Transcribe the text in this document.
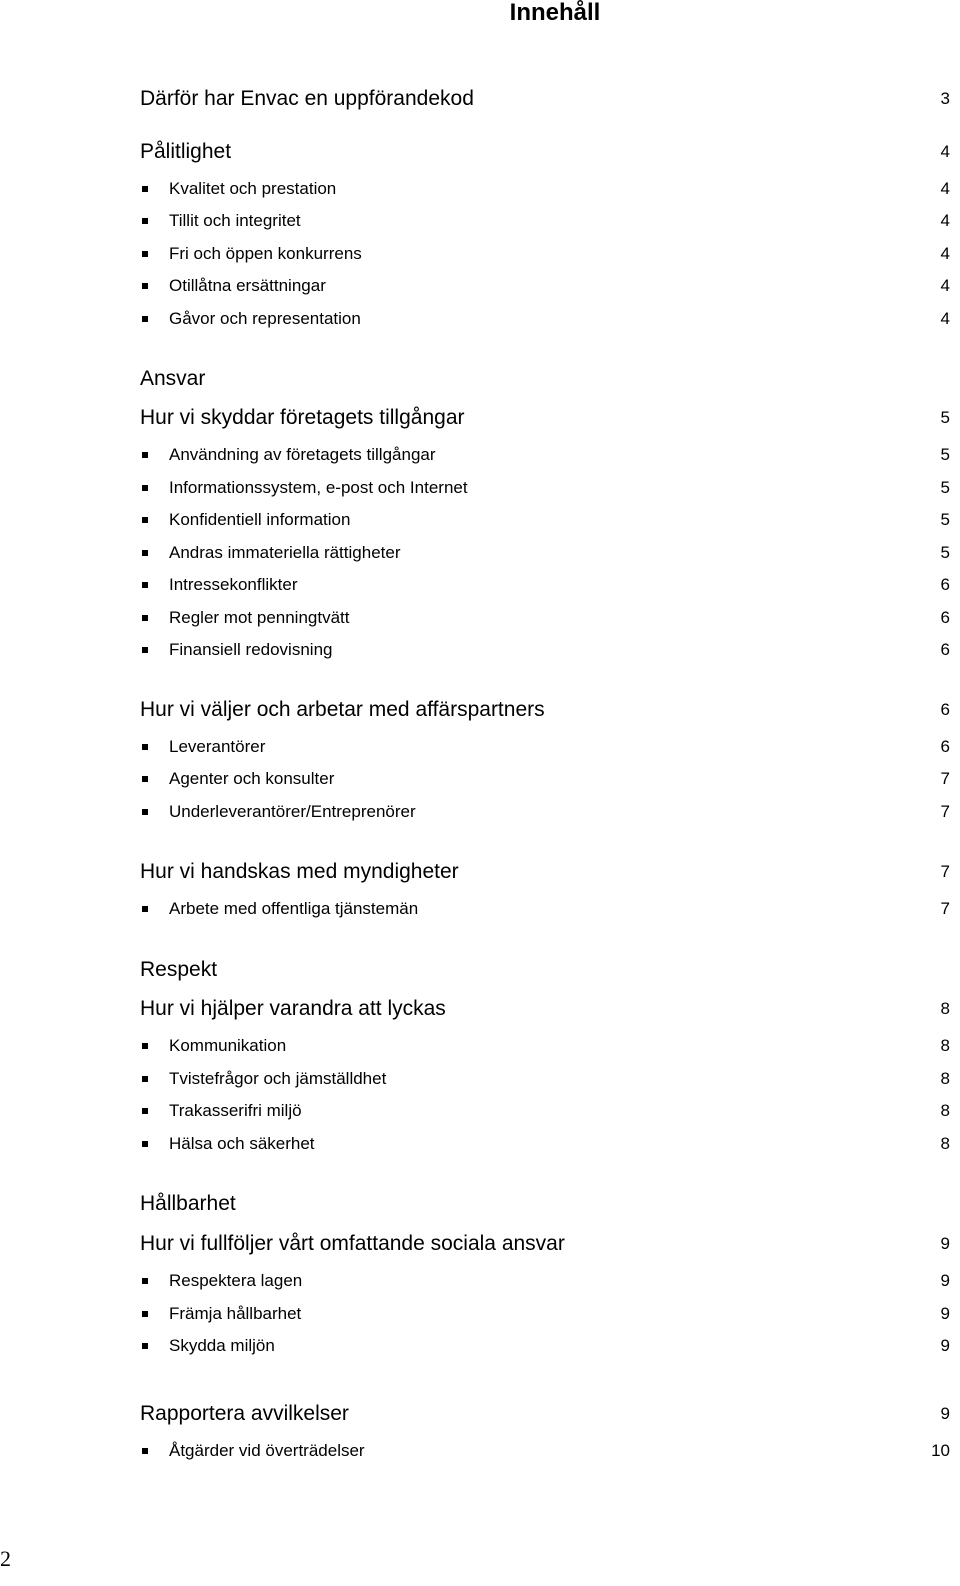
Innehåll
Därför har Envac en uppförandekod	3
Pålitlighet	4
Kvalitet och prestation	4
Tillit och integritet	4
Fri och öppen konkurrens	4
Otillåtna ersättningar	4
Gåvor och representation	4
Ansvar
Hur vi skyddar företagets tillgångar	5
Användning av företagets tillgångar	5
Informationssystem, e-post och Internet	5
Konfidentiell information	5
Andras immateriella rättigheter	5
Intressekonflikter	6
Regler mot penningtvätt	6
Finansiell redovisning	6
Hur vi väljer och arbetar med affärspartners	6
Leverantörer	6
Agenter och konsulter	7
Underleverantörer/Entreprenörer	7
Hur vi handskas med myndigheter	7
Arbete med offentliga tjänstemän	7
Respekt
Hur vi hjälper varandra att lyckas	8
Kommunikation	8
Tvistefrågor och jämställdhet	8
Trakasserifri miljö	8
Hälsa och säkerhet	8
Hållbarhet
Hur vi fullföljer vårt omfattande sociala ansvar	9
Respektera lagen	9
Främja hållbarhet	9
Skydda miljön	9
Rapportera avvilkelser	9
Åtgärder vid överträdelser	10
2
